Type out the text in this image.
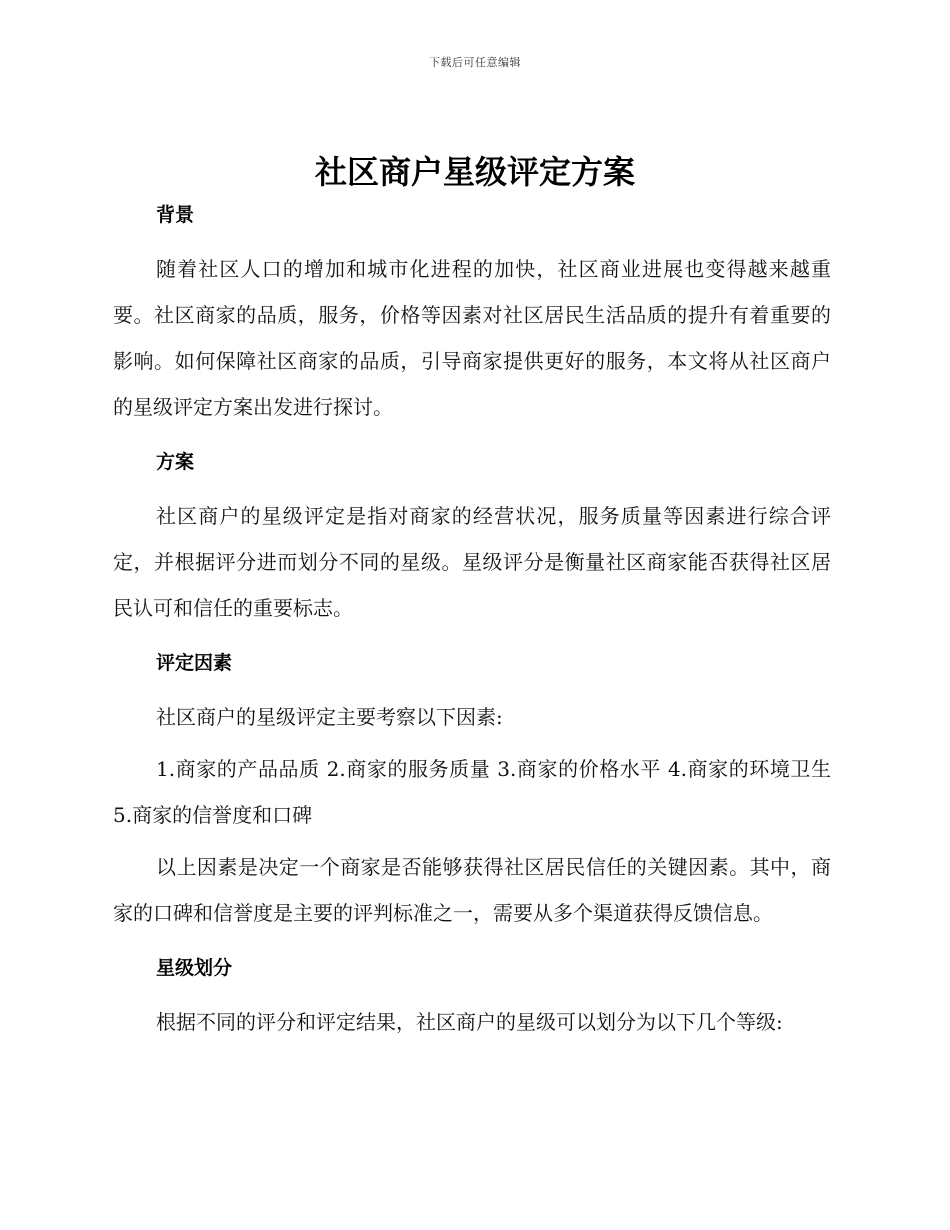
下载后可任意编辑
社区商户星级评定方案
背景

随着社区人口的增加和城市化进程的加快，社区商业进展也变得越来越重要。社区商家的品质，服务，价格等因素对社区居民生活品质的提升有着重要的影响。如何保障社区商家的品质，引导商家提供更好的服务，本文将从社区商户的星级评定方案出发进行探讨。

方案

社区商户的星级评定是指对商家的经营状况，服务质量等因素进行综合评定，并根据评分进而划分不同的星级。星级评分是衡量社区商家能否获得社区居民认可和信任的重要标志。

评定因素

社区商户的星级评定主要考察以下因素:

1.商家的产品品质 2.商家的服务质量 3.商家的价格水平 4.商家的环境卫生 5.商家的信誉度和口碑

以上因素是决定一个商家是否能够获得社区居民信任的关键因素。其中，商家的口碑和信誉度是主要的评判标准之一，需要从多个渠道获得反馈信息。

星级划分

根据不同的评分和评定结果，社区商户的星级可以划分为以下几个等级:
